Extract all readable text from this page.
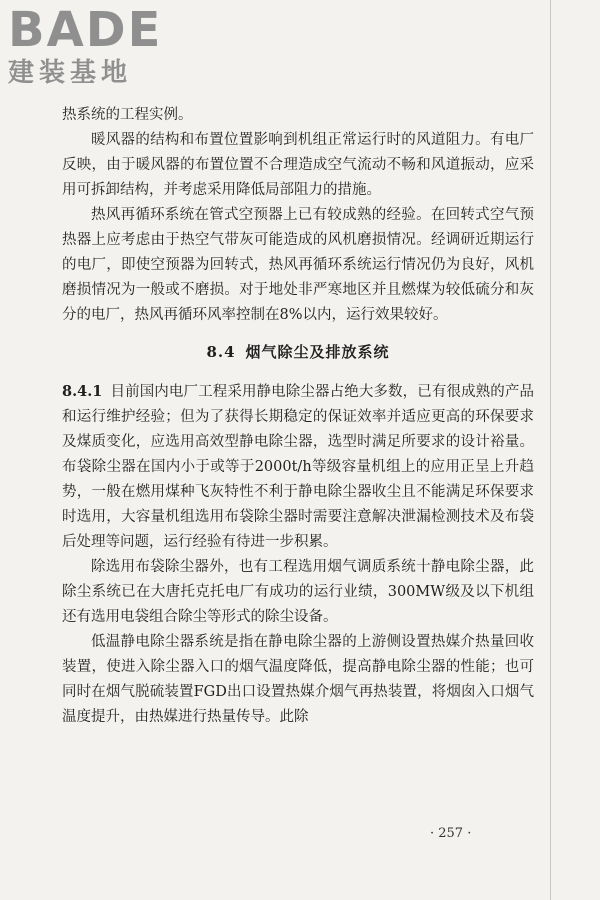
BADE
建装基地

热系统的工程实例。

暖风器的结构和布置位置影响到机组正常运行时的风道阻力。有电厂反映，由于暖风器的布置位置不合理造成空气流动不畅和风道振动，应采用可拆卸结构，并考虑采用降低局部阻力的措施。

热风再循环系统在管式空预器上已有较成熟的经验。在回转式空气预热器上应考虑由于热空气带灰可能造成的风机磨损情况。经调研近期运行的电厂，即使空预器为回转式，热风再循环系统运行情况仍为良好，风机磨损情况为一般或不磨损。对于地处非严寒地区并且燃煤为较低硫分和灰分的电厂，热风再循环风率控制在8%以内，运行效果较好。

8.4 烟气除尘及排放系统

8.4.1 目前国内电厂工程采用静电除尘器占绝大多数，已有很成熟的产品和运行维护经验；但为了获得长期稳定的保证效率并适应更高的环保要求及煤质变化，应选用高效型静电除尘器，选型时满足所要求的设计裕量。布袋除尘器在国内小于或等于2000t/h等级容量机组上的应用正呈上升趋势，一般在燃用煤种飞灰特性不利于静电除尘器收尘且不能满足环保要求时选用，大容量机组选用布袋除尘器时需要注意解决泄漏检测技术及布袋后处理等问题，运行经验有待进一步积累。

除选用布袋除尘器外，也有工程选用烟气调质系统十静电除尘器，此除尘系统已在大唐托克托电厂有成功的运行业绩，300MW级及以下机组还有选用电袋组合除尘等形式的除尘设备。

低温静电除尘器系统是指在静电除尘器的上游侧设置热媒介热量回收装置，使进入除尘器入口的烟气温度降低，提高静电除尘器的性能；也可同时在烟气脱硫装置FGD出口设置热媒介烟气再热装置，将烟囱入口烟气温度提升，由热媒进行热量传导。此除

· 257 ·
